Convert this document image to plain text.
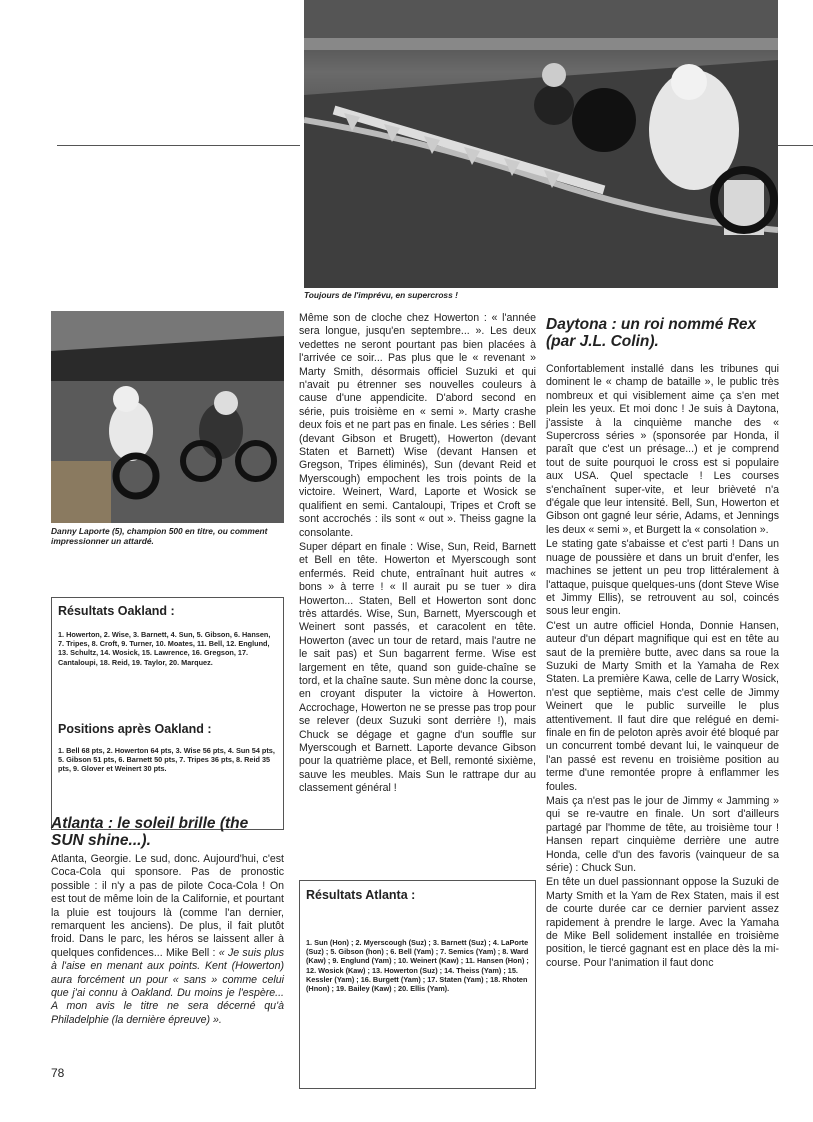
Toujours de l'imprévu, en supercross !
Danny Laporte (5), champion 500 en titre, ou comment impressionner un attardé.
Résultats Oakland :
1. Howerton, 2. Wise, 3. Barnett, 4. Sun, 5. Gibson, 6. Hansen, 7. Tripes, 8. Croft, 9. Turner, 10. Moates, 11. Bell, 12. Englund, 13. Schultz, 14. Wosick, 15. Lawrence, 16. Gregson, 17. Cantaloupi, 18. Reid, 19. Taylor, 20. Marquez.
Positions après Oakland :
1. Bell 68 pts, 2. Howerton 64 pts, 3. Wise 56 pts, 4. Sun 54 pts, 5. Gibson 51 pts, 6. Barnett 50 pts, 7. Tripes 36 pts, 8. Reid 35 pts, 9. Glover et Weinert 30 pts.
Atlanta : le soleil brille (the SUN shine...).

Atlanta, Georgie. Le sud, donc. Aujourd'hui, c'est Coca-Cola qui sponsore. Pas de pronostic possible : il n'y a pas de pilote Coca-Cola ! On est tout de même loin de la Californie, et pourtant la pluie est toujours là (comme l'an dernier, remarquent les anciens). De plus, il fait plutôt froid. Dans le parc, les héros se laissent aller à quelques confidences... Mike Bell : « Je suis plus à l'aise en menant aux points. Kent (Howerton) aura forcément un pour « sans » comme celui que j'ai connu à Oakland. Du moins je l'espère... A mon avis le titre ne sera décerné qu'à Philadelphie (la dernière épreuve) ».

78

Même son de cloche chez Howerton : « l'année sera longue, jusqu'en septembre... ». Les deux vedettes ne seront pourtant pas bien placées à l'arrivée ce soir... Pas plus que le « revenant » Marty Smith, désormais officiel Suzuki et qui n'avait pu étrenner ses nouvelles couleurs à cause d'une appendicite. D'abord second en série, puis troisième en « semi ». Marty crashe deux fois et ne part pas en finale. Les séries : Bell (devant Gibson et Brugett), Howerton (devant Staten et Barnett) Wise (devant Hansen et Gregson, Tripes éliminés), Sun (devant Reid et Myerscough) empochent les trois points de la victoire. Weinert, Ward, Laporte et Wosick se qualifient en semi. Cantaloupi, Tripes et Croft se sont accrochés : ils sont « out ». Theiss gagne la consolante.

Super départ en finale : Wise, Sun, Reid, Barnett et Bell en tête. Howerton et Myerscough sont enfermés. Reid chute, entraînant huit autres « bons » à terre ! « Il aurait pu se tuer » dira Howerton... Staten, Bell et Howerton sont donc très attardés. Wise, Sun, Barnett, Myerscough et Weinert sont passés, et caracolent en tête. Howerton (avec un tour de retard, mais l'autre ne le sait pas) et Sun bagarrent ferme. Wise est largement en tête, quand son guide-chaîne se tord, et la chaîne saute. Sun mène donc la course, en croyant disputer la victoire à Howerton. Accrochage, Howerton ne se presse pas trop pour se relever (deux Suzuki sont derrière !), mais Chuck se dégage et gagne d'un souffle sur Myerscough et Barnett. Laporte devance Gibson pour la quatrième place, et Bell, remonté sixième, sauve les meubles. Mais Sun le rattrape dur au classement général !

Résultats Atlanta :
1. Sun (Hon) ; 2. Myerscough (Suz) ; 3. Barnett (Suz) ; 4. LaPorte (Suz) ; 5. Gibson (hon) ; 6. Bell (Yam) ; 7. Semics (Yam) ; 8. Ward (Kaw) ; 9. Englund (Yam) ; 10. Weinert (Kaw) ; 11. Hansen (Hon) ; 12. Wosick (Kaw) ; 13. Howerton (Suz) ; 14. Theiss (Yam) ; 15. Kessler (Yam) ; 16. Burgett (Yam) ; 17. Staten (Yam) ; 18. Rhoten (Hnon) ; 19. Bailey (Kaw) ; 20. Ellis (Yam).
Daytona : un roi nommé Rex (par J.L. Colin).

Confortablement installé dans les tribunes qui dominent le « champ de bataille », le public très nombreux et qui visiblement aime ça s'en met plein les yeux. Et moi donc ! Je suis à Daytona, j'assiste à la cinquième manche des « Supercross séries » (sponsorée par Honda, il paraît que c'est un présage...) et je comprend tout de suite pourquoi le cross est si populaire aux USA. Quel spectacle ! Les courses s'enchaînent super-vite, et leur brièveté n'a d'égale que leur intensité. Bell, Sun, Howerton et Gibson ont gagné leur série, Adams, et Jennings les deux « semi », et Burgett la « consolation ».

Le stating gate s'abaisse et c'est parti ! Dans un nuage de poussière et dans un bruit d'enfer, les machines se jettent un peu trop littéralement à l'attaque, puisque quelques-uns (dont Steve Wise et Jimmy Ellis), se retrouvent au sol, coincés sous leur engin.

C'est un autre officiel Honda, Donnie Hansen, auteur d'un départ magnifique qui est en tête au saut de la première butte, avec dans sa roue la Suzuki de Marty Smith et la Yamaha de Rex Staten. La première Kawa, celle de Larry Wosick, n'est que septième, mais c'est celle de Jimmy Weinert que le public surveille le plus attentivement. Il faut dire que relégué en demi-finale en fin de peloton après avoir été bloqué par un concurrent tombé devant lui, le vainqueur de l'an passé est revenu en troisième position au terme d'une remontée propre à enflammer les foules.

Mais ça n'est pas le jour de Jimmy « Jamming » qui se re-vautre en finale. Un sort d'ailleurs partagé par l'homme de tête, au troisième tour ! Hansen repart cinquième derrière une autre Honda, celle d'un des favoris (vainqueur de sa série) : Chuck Sun.

En tête un duel passionnant oppose la Suzuki de Marty Smith et la Yam de Rex Staten, mais il est de courte durée car ce dernier parvient assez rapidement à prendre le large. Avec la Yamaha de Mike Bell solidement installée en troisième position, le tiercé gagnant est en place dès la mi-course. Pour l'animation il faut donc
